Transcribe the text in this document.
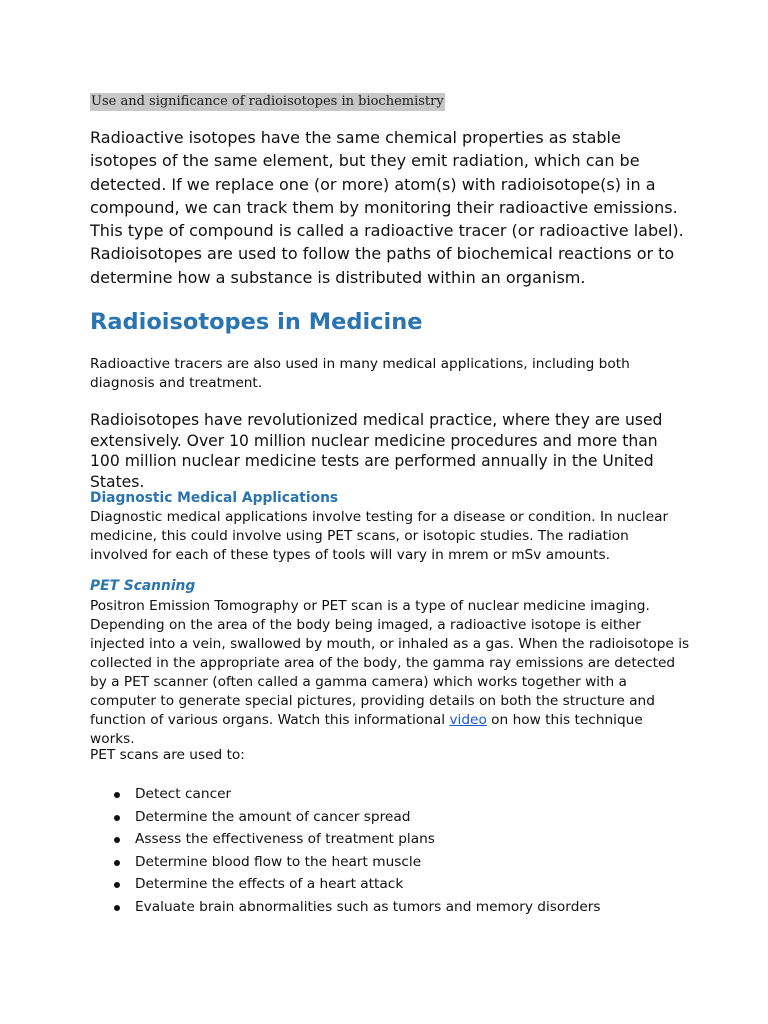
Use and significance of radioisotopes in biochemistry

Radioactive isotopes have the same chemical properties as stable isotopes of the same element, but they emit radiation, which can be detected. If we replace one (or more) atom(s) with radioisotope(s) in a compound, we can track them by monitoring their radioactive emissions. This type of compound is called a radioactive tracer (or radioactive label). Radioisotopes are used to follow the paths of biochemical reactions or to determine how a substance is distributed within an organism.

Radioisotopes in Medicine

Radioactive tracers are also used in many medical applications, including both diagnosis and treatment.

Radioisotopes have revolutionized medical practice, where they are used extensively. Over 10 million nuclear medicine procedures and more than 100 million nuclear medicine tests are performed annually in the United States.

Diagnostic Medical Applications

Diagnostic medical applications involve testing for a disease or condition. In nuclear medicine, this could involve using PET scans, or isotopic studies. The radiation involved for each of these types of tools will vary in mrem or mSv amounts.

PET Scanning

Positron Emission Tomography or PET scan is a type of nuclear medicine imaging. Depending on the area of the body being imaged, a radioactive isotope is either injected into a vein, swallowed by mouth, or inhaled as a gas. When the radioisotope is collected in the appropriate area of the body, the gamma ray emissions are detected by a PET scanner (often called a gamma camera) which works together with a computer to generate special pictures, providing details on both the structure and function of various organs. Watch this informational video on how this technique works.

PET scans are used to:

Detect cancer
Determine the amount of cancer spread
Assess the effectiveness of treatment plans
Determine blood flow to the heart muscle
Determine the effects of a heart attack
Evaluate brain abnormalities such as tumors and memory disorders
